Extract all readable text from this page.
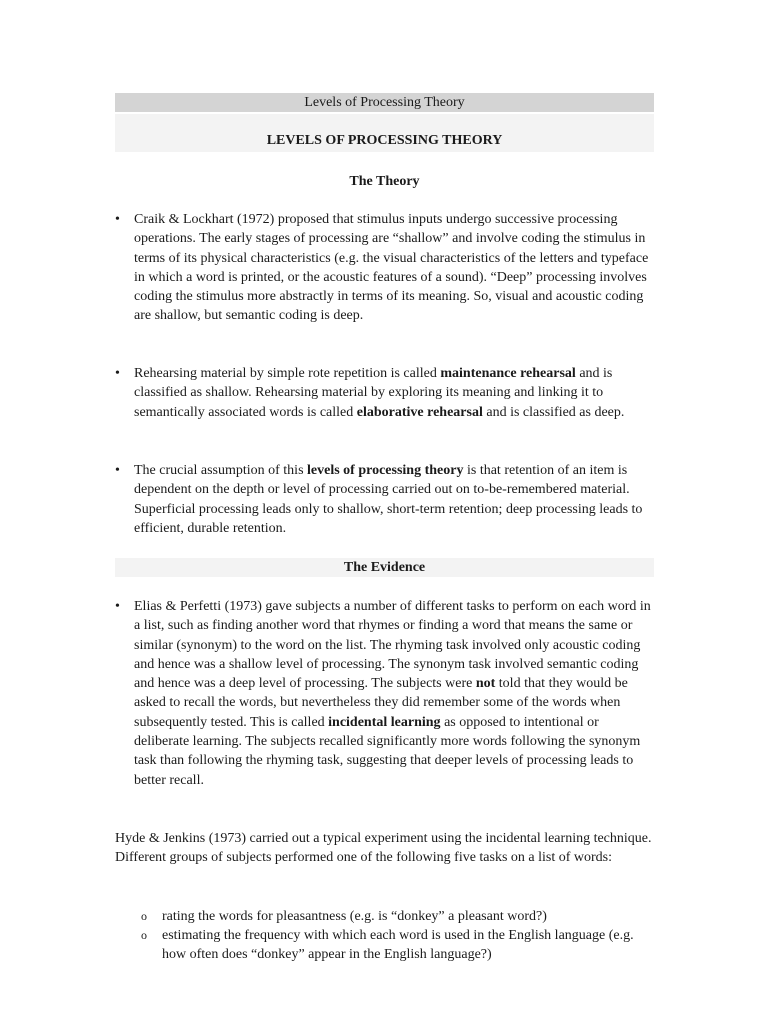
Levels of Processing Theory
LEVELS OF PROCESSING THEORY
The Theory
•	Craik & Lockhart (1972) proposed that stimulus inputs undergo successive processing operations. The early stages of processing are “shallow” and involve coding the stimulus in terms of its physical characteristics (e.g. the visual characteristics of the letters and typeface in which a word is printed, or the acoustic features of a sound). “Deep” processing involves coding the stimulus more abstractly in terms of its meaning. So, visual and acoustic coding are shallow, but semantic coding is deep.
•	Rehearsing material by simple rote repetition is called maintenance rehearsal and is classified as shallow. Rehearsing material by exploring its meaning and linking it to semantically associated words is called elaborative rehearsal and is classified as deep.
•	The crucial assumption of this levels of processing theory is that retention of an item is dependent on the depth or level of processing carried out on to-be-remembered material. Superficial processing leads only to shallow, short-term retention; deep processing leads to efficient, durable retention.
The Evidence
•	Elias & Perfetti (1973) gave subjects a number of different tasks to perform on each word in a list, such as finding another word that rhymes or finding a word that means the same or similar (synonym) to the word on the list. The rhyming task involved only acoustic coding and hence was a shallow level of processing. The synonym task involved semantic coding and hence was a deep level of processing. The subjects were not told that they would be asked to recall the words, but nevertheless they did remember some of the words when subsequently tested. This is called incidental learning as opposed to intentional or deliberate learning. The subjects recalled significantly more words following the synonym task than following the rhyming task, suggesting that deeper levels of processing leads to better recall.
Hyde & Jenkins (1973) carried out a typical experiment using the incidental learning technique. Different groups of subjects performed one of the following five tasks on a list of words:
o rating the words for pleasantness (e.g. is “donkey” a pleasant word?)
o estimating the frequency with which each word is used in the English language (e.g. how often does “donkey” appear in the English language?)
